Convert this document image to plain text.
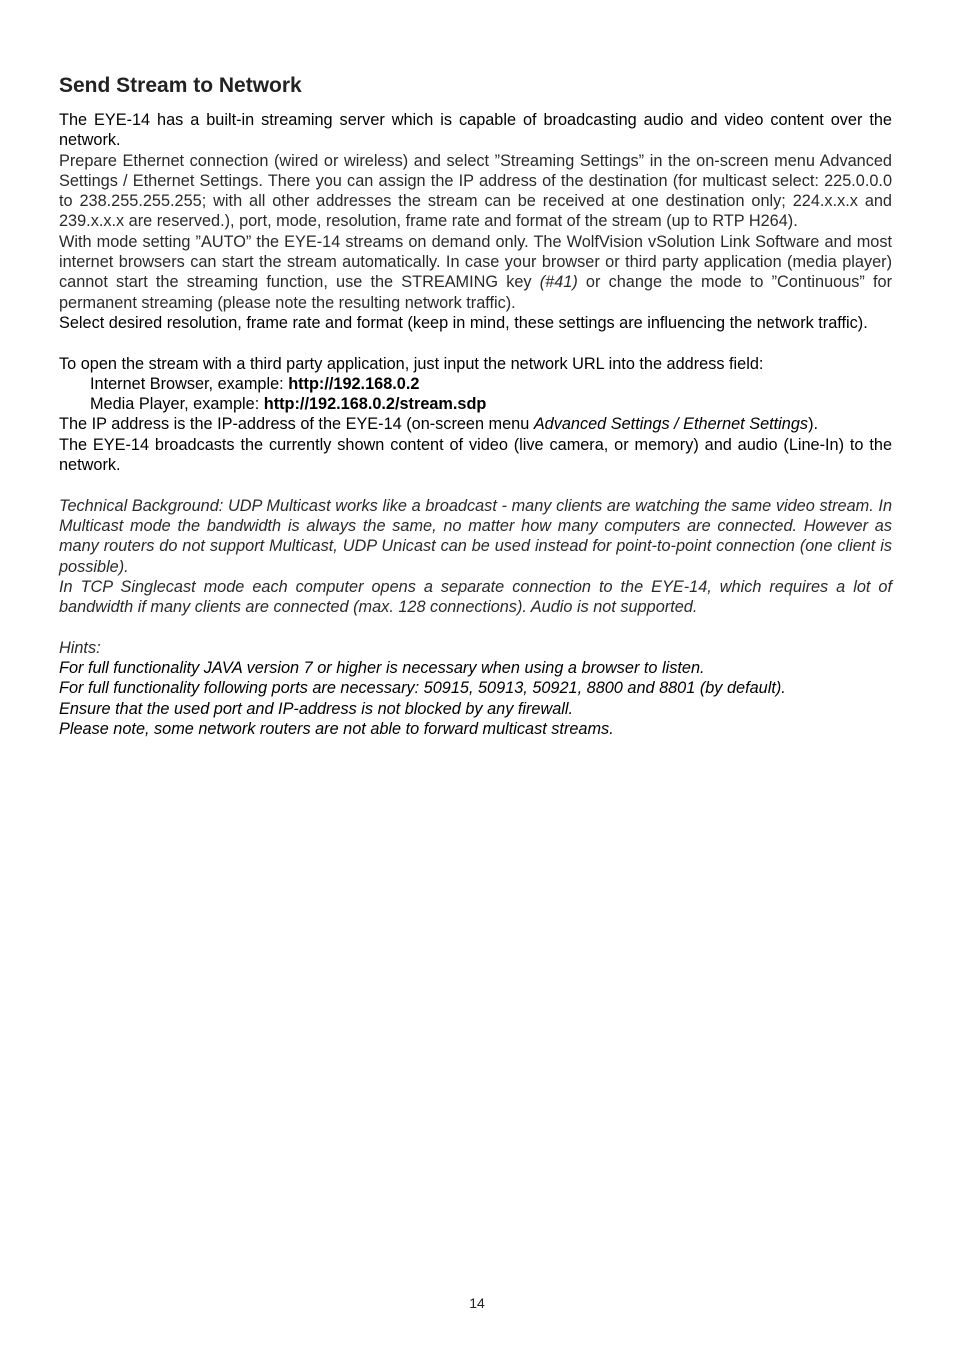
Send Stream to Network

The EYE-14 has a built-in streaming server which is capable of broadcasting audio and video content over the network.

Prepare Ethernet connection (wired or wireless) and select ”Streaming Settings” in the on-screen menu Advanced Settings / Ethernet Settings. There you can assign the IP address of the destination (for multicast select: 225.0.0.0 to 238.255.255.255; with all other addresses the stream can be received at one destination only; 224.x.x.x and 239.x.x.x are reserved.), port, mode, resolution, frame rate and format of the stream (up to RTP H264).

With mode setting ”AUTO” the EYE-14 streams on demand only. The WolfVision vSolution Link Software and most internet browsers can start the stream automatically. In case your browser or third party application (media player) cannot start the streaming function, use the STREAMING key (#41) or change the mode to ”Continuous” for permanent streaming (please note the resulting network traffic).

Select desired resolution, frame rate and format (keep in mind, these settings are influencing the network traffic).

To open the stream with a third party application, just input the network URL into the address field:

Internet Browser, example: http://192.168.0.2

Media Player, example: http://192.168.0.2/stream.sdp

The IP address is the IP-address of the EYE-14 (on-screen menu Advanced Settings / Ethernet Settings).

The EYE-14 broadcasts the currently shown content of video (live camera, or memory) and audio (Line-In) to the network.

Technical Background: UDP Multicast works like a broadcast - many clients are watching the same video stream. In Multicast mode the bandwidth is always the same, no matter how many computers are connected. However as many routers do not support Multicast, UDP Unicast can be used instead for point-to-point connection (one client is possible).

In TCP Singlecast mode each computer opens a separate connection to the EYE-14, which requires a lot of bandwidth if many clients are connected (max. 128 connections). Audio is not supported.

Hints:

For full functionality JAVA version 7 or higher is necessary when using a browser to listen.

For full functionality following ports are necessary: 50915, 50913, 50921, 8800 and 8801 (by default).

Ensure that the used port and IP-address is not blocked by any firewall.

Please note, some network routers are not able to forward multicast streams.

14
